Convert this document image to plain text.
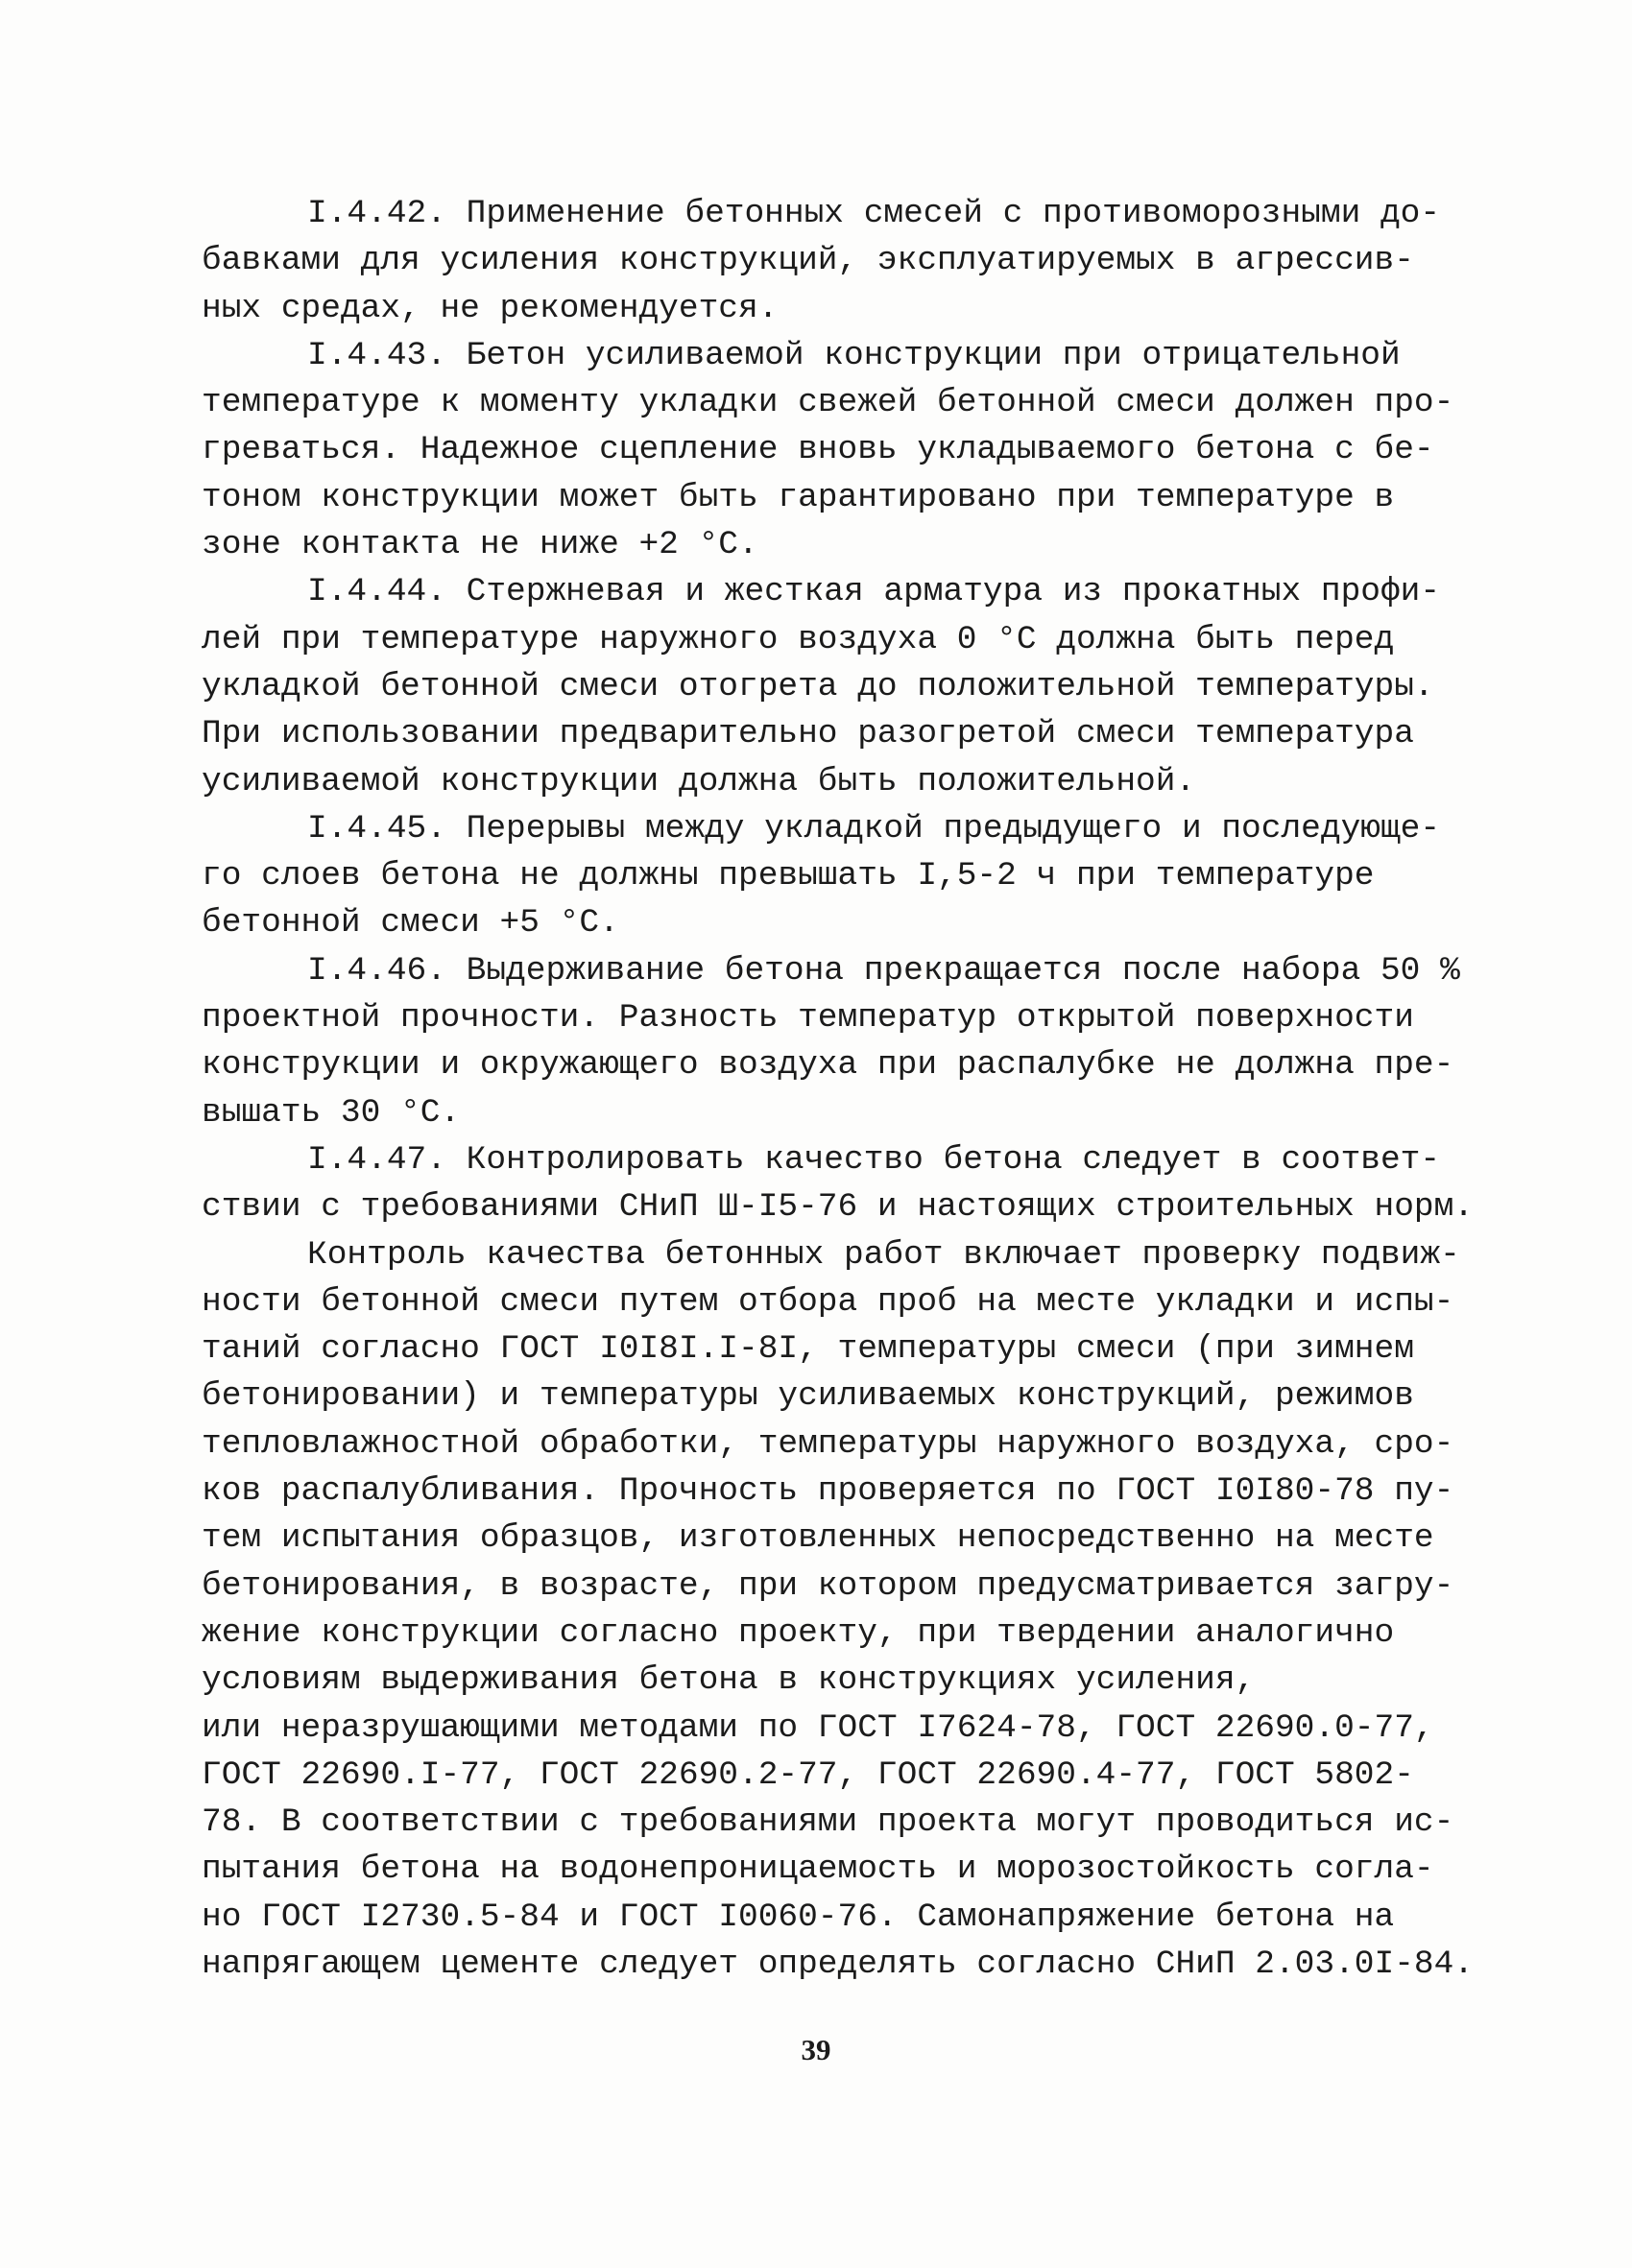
I.4.42. Применение бетонных смесей с противоморозными до-
бавками для усиления конструкций, эксплуатируемых в агрессив-
ных средах, не рекомендуется.
I.4.43. Бетон усиливаемой конструкции при отрицательной
температуре к моменту укладки свежей бетонной смеси должен про-
греваться. Надежное сцепление вновь укладываемого бетона с бе-
тоном конструкции может быть гарантировано при температуре в
зоне контакта не ниже +2 °С.
I.4.44. Стержневая и жесткая арматура из прокатных профи-
лей при температуре наружного воздуха 0 °С должна быть перед
укладкой бетонной смеси отогрета до положительной температуры.
При использовании предварительно разогретой смеси температура
усиливаемой конструкции должна быть положительной.
I.4.45. Перерывы между укладкой предыдущего и последующе-
го слоев бетона не должны превышать I,5-2 ч при температуре
бетонной смеси +5 °С.
I.4.46. Выдерживание бетона прекращается после набора 50 %
проектной прочности. Разность температур открытой поверхности
конструкции и окружающего воздуха при распалубке не должна пре-
вышать 30 °С.
I.4.47. Контролировать качество бетона следует в соответ-
ствии с требованиями СНиП Ш-I5-76 и настоящих строительных норм.
Контроль качества бетонных работ включает проверку подвиж-
ности бетонной смеси путем отбора проб на месте укладки и испы-
таний согласно ГОСТ I0I8I.I-8I, температуры смеси (при зимнем
бетонировании) и температуры усиливаемых конструкций, режимов
тепловлажностной обработки, температуры наружного воздуха, сро-
ков распалубливания. Прочность проверяется по ГОСТ I0I80-78 пу-
тем испытания образцов, изготовленных непосредственно на месте
бетонирования, в возрасте, при котором предусматривается загру-
жение конструкции согласно проекту, при твердении аналогично
условиям выдерживания бетона в конструкциях усиления,
или неразрушающими методами по ГОСТ I7624-78, ГОСТ 22690.0-77,
ГОСТ 22690.I-77, ГОСТ 22690.2-77, ГОСТ 22690.4-77, ГОСТ 5802-
78. В соответствии с требованиями проекта могут проводиться ис-
пытания бетона на водонепроницаемость и морозостойкость согла-
но ГОСТ I2730.5-84 и ГОСТ I0060-76. Самонапряжение бетона на
напрягающем цементе следует определять согласно СНиП 2.03.0I-84.
39
